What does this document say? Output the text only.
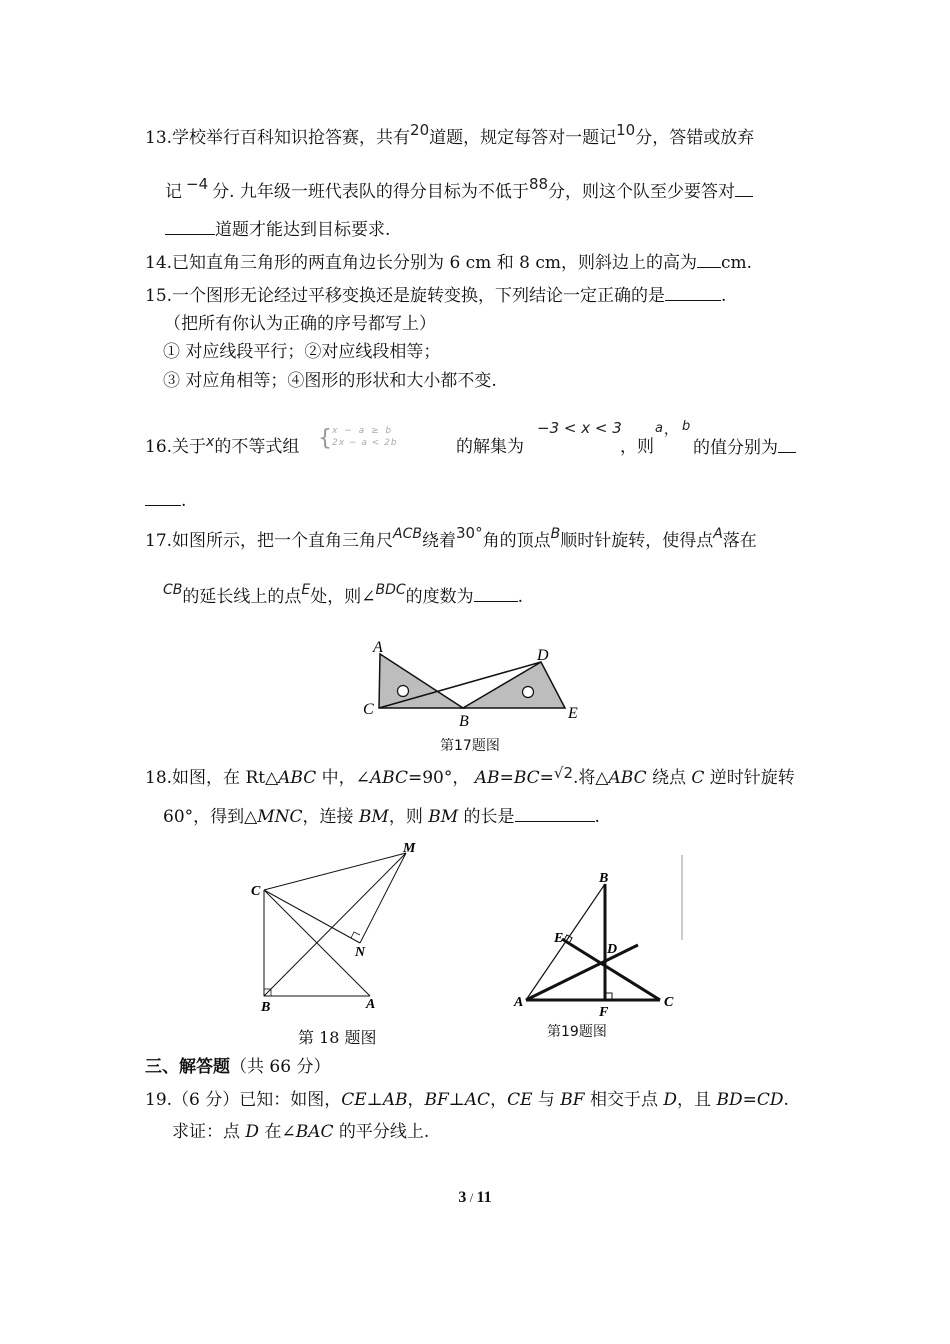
13.学校举行百科知识抢答赛，共有20道题，规定每答对一题记10分，答错或放弃
记 −4 分. 九年级一班代表队的得分目标为不低于88分，则这个队至少要答对
道题才能达到目标要求.
14.已知直角三角形的两直角边长分别为 6 cm 和 8 cm，则斜边上的高为 cm.
15.一个图形无论经过平移变换还是旋转变换，下列结论一定正确的是	.
（把所有你认为正确的序号都写上）
① 对应线段平行；②对应线段相等；
③ 对应角相等；④图形的形状和大小都不变.
16.关于$^x$的不等式组 { x − a ≥ b
2x − a < 2b	的解集为
−3 < x < 3
，则
a ， b
的值分别为
.
17.如图所示，把一个直角三角尺$^{ACB}$绕着30°角的顶点$^B$顺时针旋转，使得点$^A$落在
$^{CB}$的延长线上的点$^E$处，则∠$^{BDC}$的度数为	.
A
C
B
D
E
第17题图
18.如图，在 Rt△ABC 中，∠ABC=90°， AB=BC=√2.将△ABC 绕点 C 逆时针旋转
60°，得到△MNC，连接 BM，则 BM 的长是	.
C
M
N
B	A
第 18 题图
B
E
D
A
F
C
第19题图
三、解答题（共 66 分）
19.（6 分）已知：如图，CE⊥AB，BF⊥AC，CE 与 BF 相交于点 D，且 BD=CD.
求证：点 D 在∠BAC 的平分线上.
3 / 11
